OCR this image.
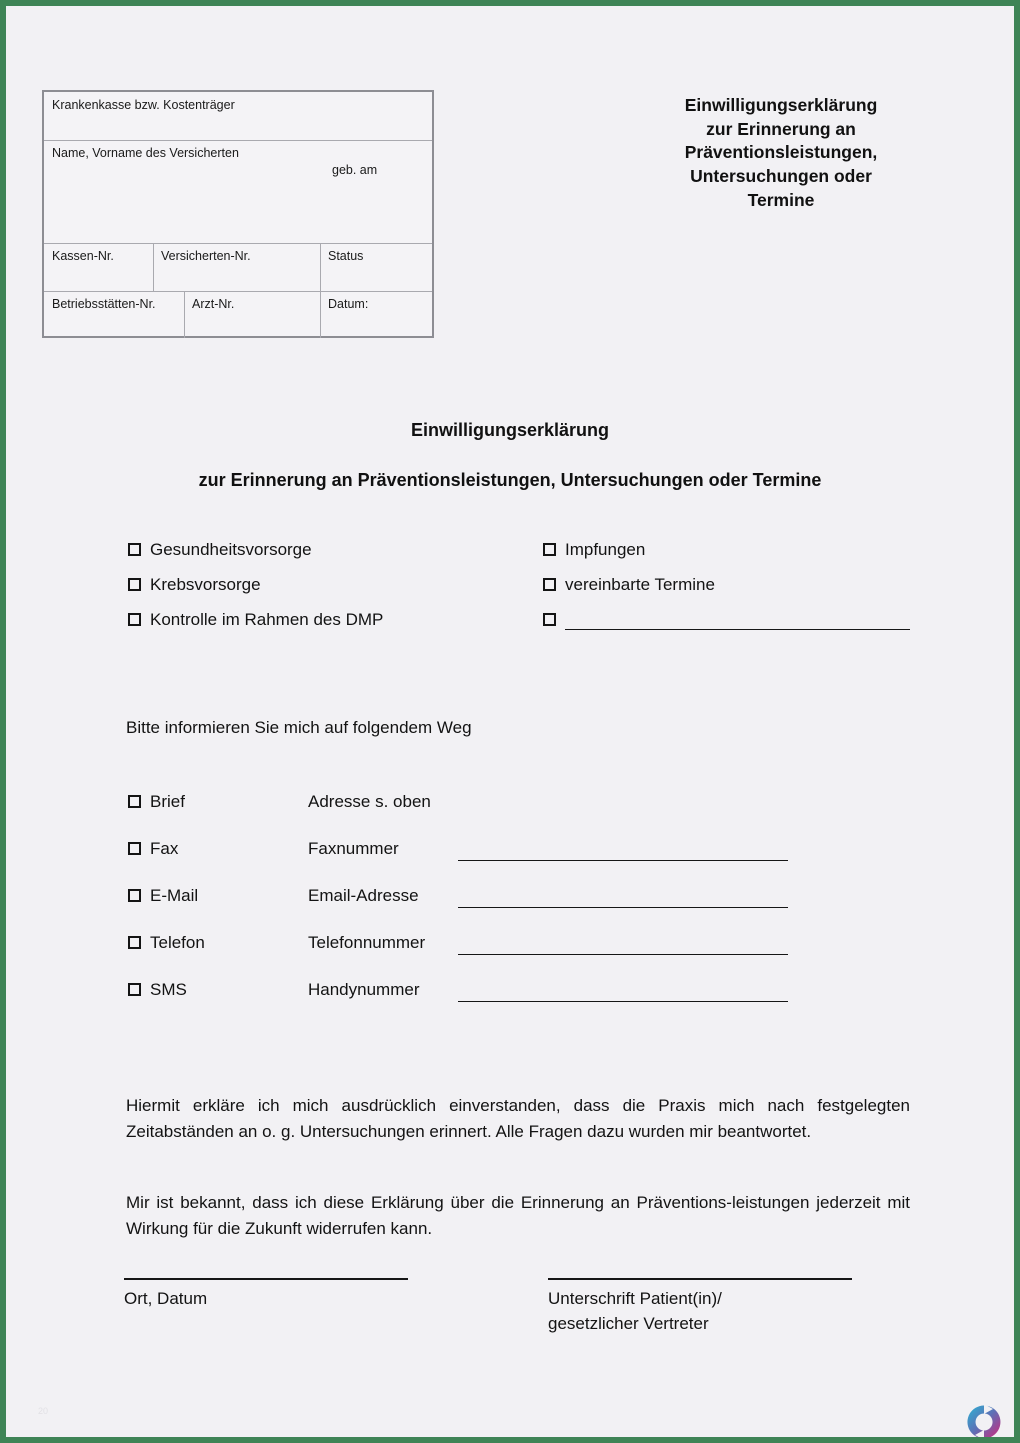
Krankenkasse bzw. Kostenträger
Name, Vorname des Versicherten
geb. am
Kassen-Nr.	Versicherten-Nr.	Status
Betriebsstätten-Nr.	Arzt-Nr.	Datum:
Einwilligungserklärung
zur Erinnerung an
Präventionsleistungen,
Untersuchungen oder
Termine
Einwilligungserklärung
zur Erinnerung an Präventionsleistungen, Untersuchungen oder Termine
Gesundheitsvorsorge	Impfungen
Krebsvorsorge	vereinbarte Termine
Kontrolle im Rahmen des DMP
Bitte informieren Sie mich auf folgendem Weg
Brief	Adresse s. oben
Fax	Faxnummer
E-Mail	Email-Adresse
Telefon	Telefonnummer
SMS	Handynummer

Hiermit erkläre ich mich ausdrücklich einverstanden, dass die Praxis mich nach festgelegten Zeitabständen an o. g. Untersuchungen erinnert. Alle Fragen dazu wurden mir beantwortet.

Mir ist bekannt, dass ich diese Erklärung über die Erinnerung an Präventions-leistungen jederzeit mit Wirkung für die Zukunft widerrufen kann.

Ort, Datum	Unterschrift Patient(in)/
gesetzlicher Vertreter
20
